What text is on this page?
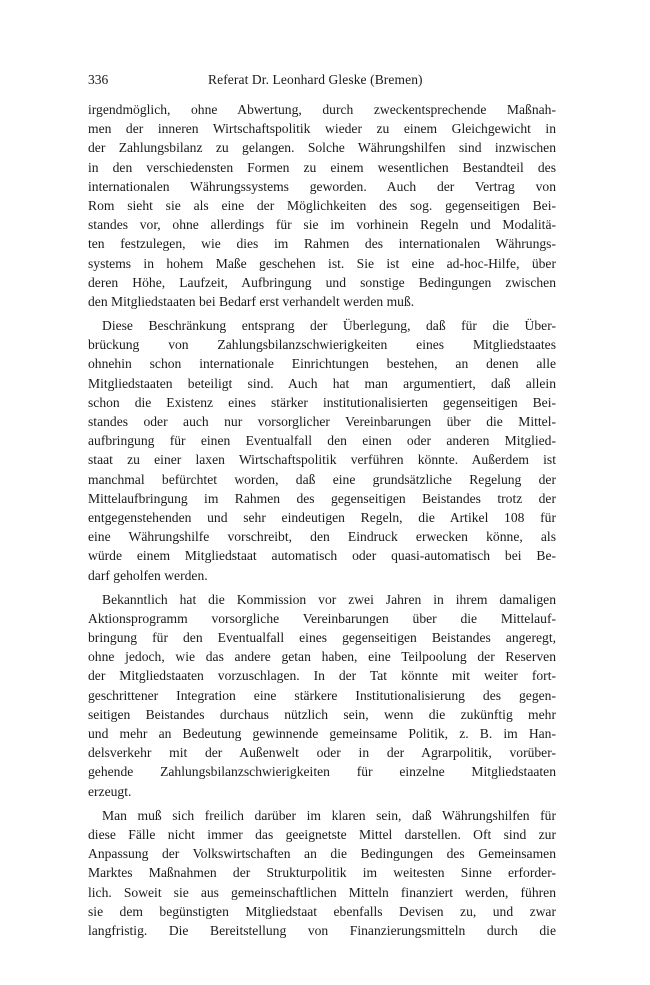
336	Referat Dr. Leonhard Gleske (Bremen)
irgendmöglich, ohne Abwertung, durch zweckentsprechende Maßnah-
men der inneren Wirtschaftspolitik wieder zu einem Gleichgewicht in
der Zahlungsbilanz zu gelangen. Solche Währungshilfen sind inzwischen
in den verschiedensten Formen zu einem wesentlichen Bestandteil des
internationalen Währungssystems geworden. Auch der Vertrag von
Rom sieht sie als eine der Möglichkeiten des sog. gegenseitigen Bei-
standes vor, ohne allerdings für sie im vorhinein Regeln und Modalitä-
ten festzulegen, wie dies im Rahmen des internationalen Währungs-
systems in hohem Maße geschehen ist. Sie ist eine ad-hoc-Hilfe, über
deren Höhe, Laufzeit, Aufbringung und sonstige Bedingungen zwischen
den Mitgliedstaaten bei Bedarf erst verhandelt werden muß.
Diese Beschränkung entsprang der Überlegung, daß für die Über-
brückung von Zahlungsbilanzschwierigkeiten eines Mitgliedstaates
ohnehin schon internationale Einrichtungen bestehen, an denen alle
Mitgliedstaaten beteiligt sind. Auch hat man argumentiert, daß allein
schon die Existenz eines stärker institutionalisierten gegenseitigen Bei-
standes oder auch nur vorsorglicher Vereinbarungen über die Mittel-
aufbringung für einen Eventualfall den einen oder anderen Mitglied-
staat zu einer laxen Wirtschaftspolitik verführen könnte. Außerdem ist
manchmal befürchtet worden, daß eine grundsätzliche Regelung der
Mittelaufbringung im Rahmen des gegenseitigen Beistandes trotz der
entgegenstehenden und sehr eindeutigen Regeln, die Artikel 108 für
eine Währungshilfe vorschreibt, den Eindruck erwecken könne, als
würde einem Mitgliedstaat automatisch oder quasi-automatisch bei Be-
darf geholfen werden.
Bekanntlich hat die Kommission vor zwei Jahren in ihrem damaligen
Aktionsprogramm vorsorgliche Vereinbarungen über die Mittelauf-
bringung für den Eventualfall eines gegenseitigen Beistandes angeregt,
ohne jedoch, wie das andere getan haben, eine Teilpoolung der Reserven
der Mitgliedstaaten vorzuschlagen. In der Tat könnte mit weiter fort-
geschrittener Integration eine stärkere Institutionalisierung des gegen-
seitigen Beistandes durchaus nützlich sein, wenn die zukünftig mehr
und mehr an Bedeutung gewinnende gemeinsame Politik, z. B. im Han-
delsverkehr mit der Außenwelt oder in der Agrarpolitik, vorüber-
gehende Zahlungsbilanzschwierigkeiten für einzelne Mitgliedstaaten
erzeugt.
Man muß sich freilich darüber im klaren sein, daß Währungshilfen für
diese Fälle nicht immer das geeignetste Mittel darstellen. Oft sind zur
Anpassung der Volkswirtschaften an die Bedingungen des Gemeinsamen
Marktes Maßnahmen der Strukturpolitik im weitesten Sinne erforder-
lich. Soweit sie aus gemeinschaftlichen Mitteln finanziert werden, führen
sie dem begünstigten Mitgliedstaat ebenfalls Devisen zu, und zwar
langfristig. Die Bereitstellung von Finanzierungsmitteln durch die
